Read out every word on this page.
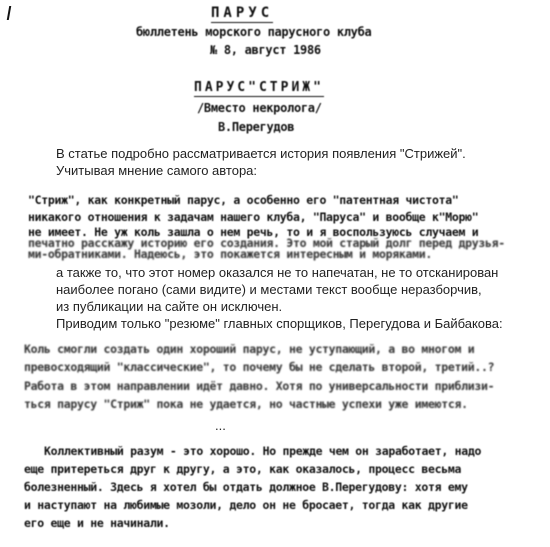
ПАРУС
бюллетень морского парусного клуба
№ 8, август 1986
ПАРУС"СТРИЖ"
/Вместо некролога/
В.Перегудов
В статье подробно рассматривается история появления "Стрижей".
Учитывая мнение самого автора:
"Стриж", как конкретный парус, а особенно его "патентная чистота"
никакого отношения к задачам нашего клуба, "Паруса" и вообще к"Морю"
не имеет. Не уж коль зашла о нем речь, то и я воспользуюсь случаем и
печатно расскажу историю его создания. Это мой старый долг перед друзья-
ми-обратниками. Надеюсь, это покажется интересным и моряками.
а также то, что этот номер оказался не то напечатан, не то отсканирован
наиболее погано (сами видите) и местами текст вообще неразборчив,
из публикации на сайте он исключен.
Приводим только "резюме" главных спорщиков, Перегудова и Байбакова:
Коль смогли создать один хороший парус, не уступающий, а во многом и
превосходящий "классические", то почему бы не сделать второй, третий..?
Работа в этом направлении идёт давно. Хотя по универсальности приблизи-
ться парусу "Стриж" пока не удается, но частные успехи уже имеются.
...
Коллективный разум - это хорошо. Но прежде чем он заработает, надо
еще притереться друг к другу, а это, как оказалось, процесс весьма
болезненный. Здесь я хотел бы отдать должное В.Перегудову: хотя ему
и наступают на любимые мозоли, дело он не бросает, тогда как другие
его еще и не начинали.
